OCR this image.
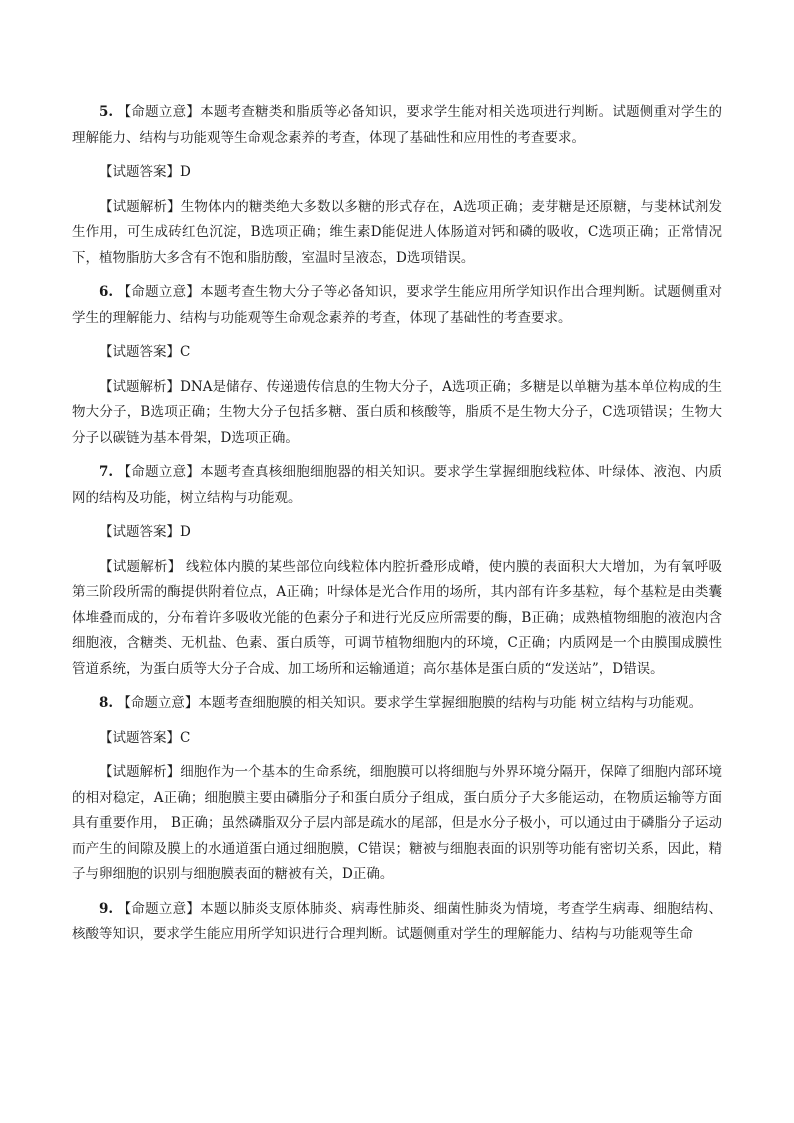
5. 【命题立意】本题考查糖类和脂质等必备知识，要求学生能对相关选项进行判断。试题侧重对学生的理解能力、结构与功能观等生命观念素养的考查，体现了基础性和应用性的考查要求。

【试题答案】D

【试题解析】生物体内的糖类绝大多数以多糖的形式存在，A选项正确；麦芽糖是还原糖，与斐林试剂发生作用，可生成砖红色沉淀，B选项正确；维生素D能促进人体肠道对钙和磷的吸收，C选项正确；正常情况下，植物脂肪大多含有不饱和脂肪酸，室温时呈液态，D选项错误。

6. 【命题立意】本题考查生物大分子等必备知识，要求学生能应用所学知识作出合理判断。试题侧重对学生的理解能力、结构与功能观等生命观念素养的考查，体现了基础性的考查要求。

【试题答案】C

【试题解析】DNA是储存、传递遗传信息的生物大分子，A选项正确；多糖是以单糖为基本单位构成的生物大分子，B选项正确；生物大分子包括多糖、蛋白质和核酸等，脂质不是生物大分子，C选项错误；生物大分子以碳链为基本骨架，D选项正确。

7. 【命题立意】本题考查真核细胞细胞器的相关知识。要求学生掌握细胞线粒体、叶绿体、液泡、内质网的结构及功能，树立结构与功能观。

【试题答案】D

【试题解析】 线粒体内膜的某些部位向线粒体内腔折叠形成嵴，使内膜的表面积大大增加，为有氧呼吸第三阶段所需的酶提供附着位点，A正确；叶绿体是光合作用的场所，其内部有许多基粒，每个基粒是由类囊体堆叠而成的，分布着许多吸收光能的色素分子和进行光反应所需要的酶，B正确；成熟植物细胞的液泡内含细胞液，含糖类、无机盐、色素、蛋白质等，可调节植物细胞内的环境，C正确；内质网是一个由膜围成膜性管道系统，为蛋白质等大分子合成、加工场所和运输通道；高尔基体是蛋白质的“发送站”，D错误。

8. 【命题立意】本题考查细胞膜的相关知识。要求学生掌握细胞膜的结构与功能 树立结构与功能观。

【试题答案】C

【试题解析】细胞作为一个基本的生命系统，细胞膜可以将细胞与外界环境分隔开，保障了细胞内部环境的相对稳定，A正确；细胞膜主要由磷脂分子和蛋白质分子组成，蛋白质分子大多能运动，在物质运输等方面具有重要作用， B正确；虽然磷脂双分子层内部是疏水的尾部，但是水分子极小，可以通过由于磷脂分子运动而产生的间隙及膜上的水通道蛋白通过细胞膜，C错误；糖被与细胞表面的识别等功能有密切关系，因此，精子与卵细胞的识别与细胞膜表面的糖被有关，D正确。

9. 【命题立意】本题以肺炎支原体肺炎、病毒性肺炎、细菌性肺炎为情境，考查学生病毒、细胞结构、核酸等知识，要求学生能应用所学知识进行合理判断。试题侧重对学生的理解能力、结构与功能观等生命
